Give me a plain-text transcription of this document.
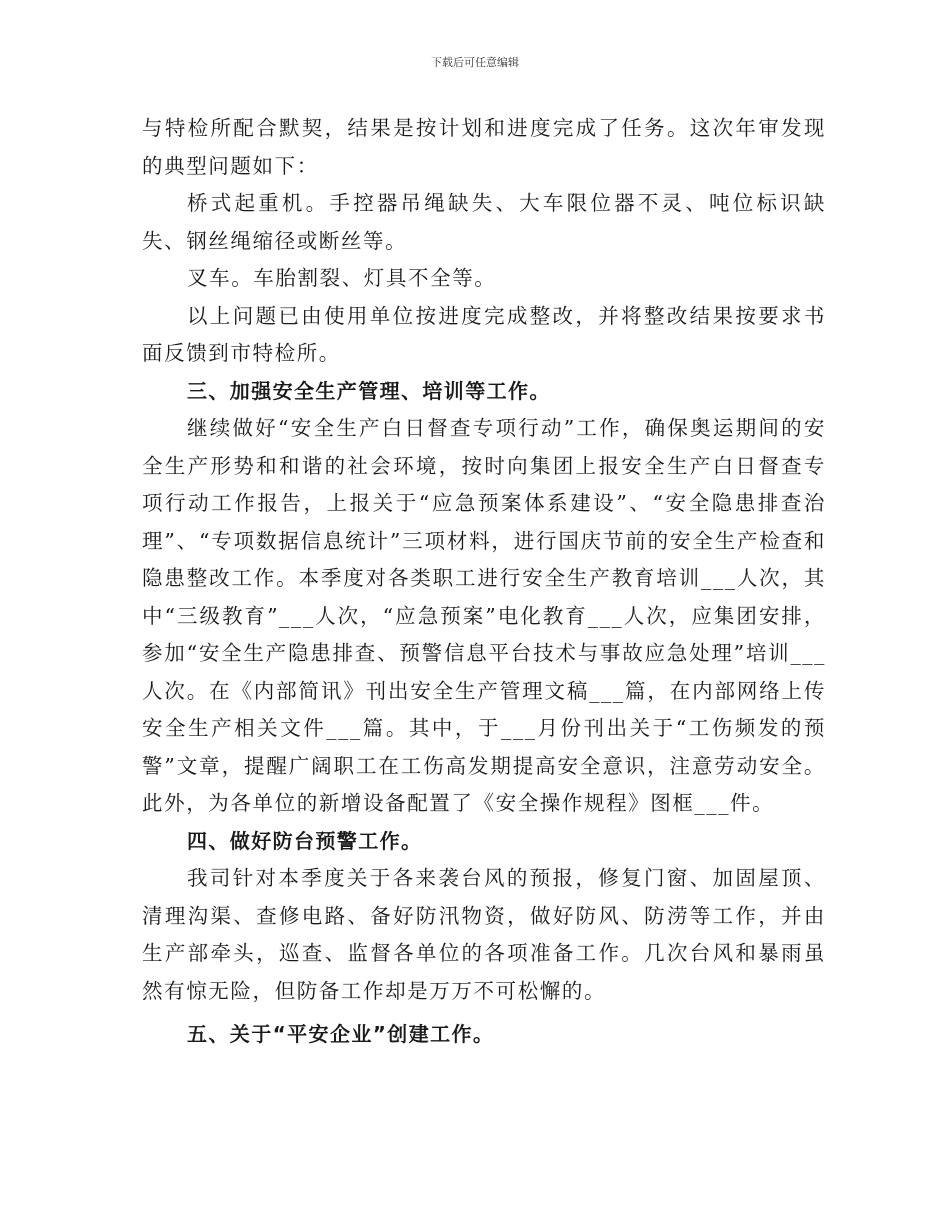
下载后可任意编辑

与特检所配合默契，结果是按计划和进度完成了任务。这次年审发现的典型问题如下：

桥式起重机。手控器吊绳缺失、大车限位器不灵、吨位标识缺失、钢丝绳缩径或断丝等。

叉车。车胎割裂、灯具不全等。

以上问题已由使用单位按进度完成整改，并将整改结果按要求书面反馈到市特检所。

三、加强安全生产管理、培训等工作。

继续做好“安全生产白日督查专项行动”工作，确保奥运期间的安全生产形势和和谐的社会环境，按时向集团上报安全生产白日督查专项行动工作报告，上报关于“应急预案体系建设”、“安全隐患排查治理”、“专项数据信息统计”三项材料，进行国庆节前的安全生产检查和隐患整改工作。本季度对各类职工进行安全生产教育培训___人次，其中“三级教育”___人次，“应急预案”电化教育___人次，应集团安排，参加“安全生产隐患排查、预警信息平台技术与事故应急处理”培训___人次。在《内部简讯》刊出安全生产管理文稿___篇，在内部网络上传安全生产相关文件___篇。其中，于___月份刊出关于“工伤频发的预警”文章，提醒广阔职工在工伤高发期提高安全意识，注意劳动安全。此外，为各单位的新增设备配置了《安全操作规程》图框___件。

四、做好防台预警工作。

我司针对本季度关于各来袭台风的预报，修复门窗、加固屋顶、清理沟渠、查修电路、备好防汛物资，做好防风、防涝等工作，并由生产部牵头，巡查、监督各单位的各项准备工作。几次台风和暴雨虽然有惊无险，但防备工作却是万万不可松懈的。

五、关于“平安企业”创建工作。
